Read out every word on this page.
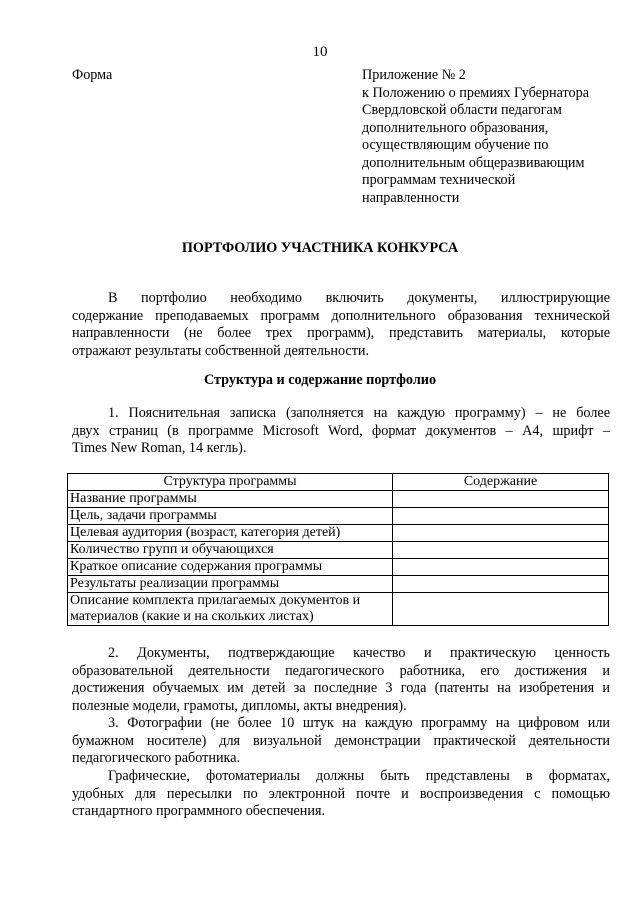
10
Форма	Приложение № 2
к Положению о премиях Губернатора
Свердловской области педагогам
дополнительного образования,
осуществляющим обучение по
дополнительным общеразвивающим
программам технической
направленности
ПОРТФОЛИО УЧАСТНИКА КОНКУРСА
В портфолио необходимо включить документы, иллюстрирующие
содержание преподаваемых программ дополнительного образования технической
направленности (не более трех программ), представить материалы, которые
отражают результаты собственной деятельности.
Структура и содержание портфолио
1. Пояснительная записка (заполняется на каждую программу) – не более
двух страниц (в программе Microsoft Word, формат документов – А4, шрифт –
Times New Roman, 14 кегль).
Структура программы	Содержание
Название программы	
Цель, задачи программы	
Целевая аудитория (возраст, категория детей)	
Количество групп и обучающихся	
Краткое описание содержания программы	
Результаты реализации программы	
Описание комплекта прилагаемых документов и материалов (какие и на скольких листах)	
2. Документы, подтверждающие качество и практическую ценность
образовательной деятельности педагогического работника, его достижения и
достижения обучаемых им детей за последние 3 года (патенты на изобретения и
полезные модели, грамоты, дипломы, акты внедрения).
3. Фотографии (не более 10 штук на каждую программу на цифровом или
бумажном носителе) для визуальной демонстрации практической деятельности
педагогического работника.
Графические, фотоматериалы должны быть представлены в форматах,
удобных для пересылки по электронной почте и воспроизведения с помощью
стандартного программного обеспечения.
